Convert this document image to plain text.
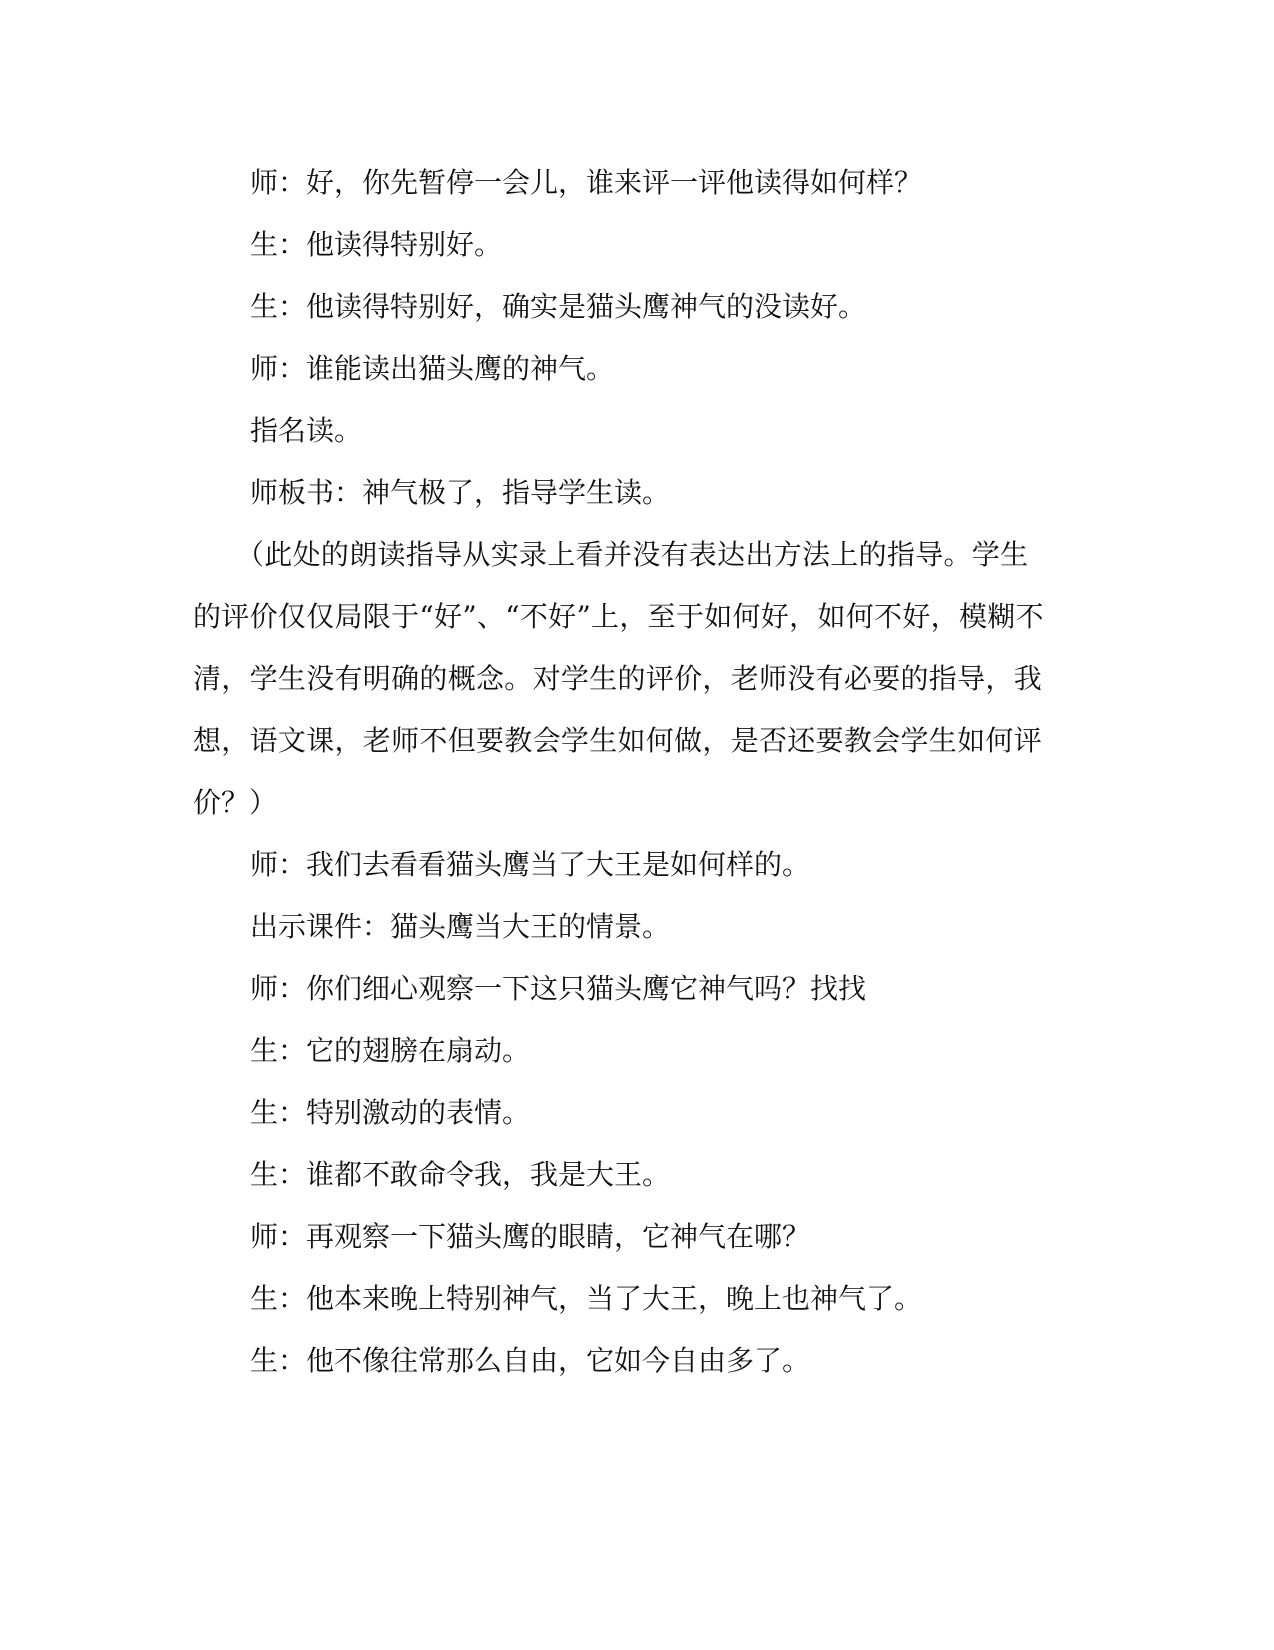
师：好，你先暂停一会儿，谁来评一评他读得如何样？
生：他读得特别好。
生：他读得特别好，确实是猫头鹰神气的没读好。
师：谁能读出猫头鹰的神气。
指名读。
师板书：神气极了，指导学生读。
（此处的朗读指导从实录上看并没有表达出方法上的指导。学生
的评价仅仅局限于“好”、“不好”上，至于如何好，如何不好，模糊不
清，学生没有明确的概念。对学生的评价，老师没有必要的指导，我
想，语文课，老师不但要教会学生如何做，是否还要教会学生如何评
价？）
师：我们去看看猫头鹰当了大王是如何样的。
出示课件：猫头鹰当大王的情景。
师：你们细心观察一下这只猫头鹰它神气吗？找找
生：它的翅膀在扇动。
生：特别激动的表情。
生：谁都不敢命令我，我是大王。
师：再观察一下猫头鹰的眼睛，它神气在哪？
生：他本来晚上特别神气，当了大王，晚上也神气了。
生：他不像往常那么自由，它如今自由多了。
